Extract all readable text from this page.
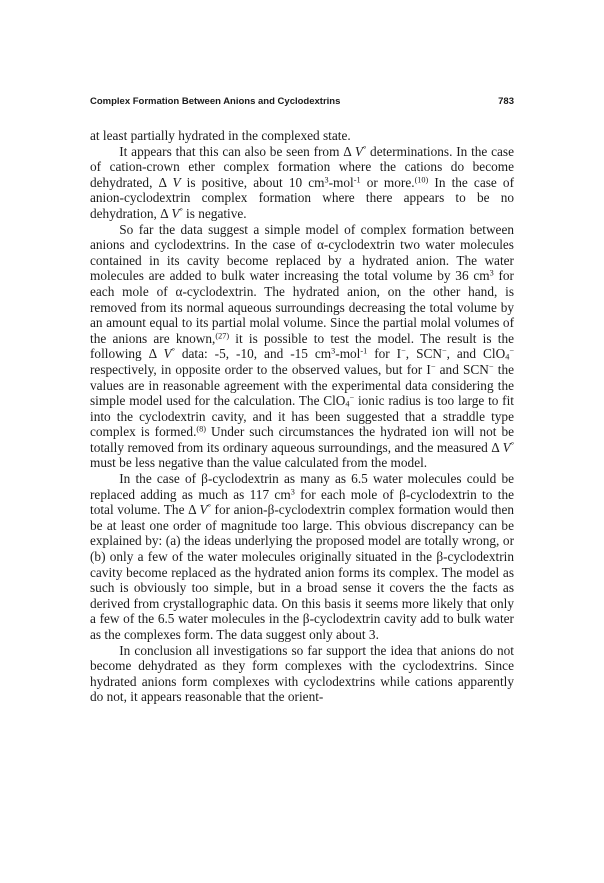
Complex Formation Between Anions and Cyclodextrins	783

at least partially hydrated in the complexed state.

It appears that this can also be seen from Δ V° determinations. In the case of cation-crown ether complex formation where the cations do become dehydrated, Δ V is positive, about 10 $cm^3-mol^{-1}$ or more.$^{(10)}$ In the case of anion-cyclodextrin complex formation where there appears to be no dehydration, Δ V° is negative.

So far the data suggest a simple model of complex formation between anions and cyclodextrins. In the case of α-cyclodextrin two water molecules contained in its cavity become replaced by a hydrated anion. The water molecules are added to bulk water increasing the total volume by 36 $cm^3$ for each mole of α-cyclodextrin. The hydrated anion, on the other hand, is removed from its normal aqueous surroundings decreasing the total volume by an amount equal to its partial molal volume. Since the partial molal volumes of the anions are known,$^{(27)}$ it is possible to test the model. The result is the following Δ V° data: -5, -10, and -15 $cm^3-mol^{-1}$ for I−, SCN−, and ClO$_4$− respectively, in opposite order to the observed values, but for I− and SCN− the values are in reasonable agreement with the experimental data considering the simple model used for the calculation. The ClO$_4$− ionic radius is too large to fit into the cyclodextrin cavity, and it has been suggested that a straddle type complex is formed.$^{(8)}$ Under such circumstances the hydrated ion will not be totally removed from its ordinary aqueous surroundings, and the measured Δ V° must be less negative than the value calculated from the model.

In the case of β-cyclodextrin as many as 6.5 water molecules could be replaced adding as much as 117 $cm^3$ for each mole of β-cyclodextrin to the total volume. The Δ V° for anion-β-cyclodextrin complex formation would then be at least one order of magnitude too large. This obvious discrepancy can be explained by: (a) the ideas underlying the proposed model are totally wrong, or (b) only a few of the water molecules originally situated in the β-cyclodextrin cavity become replaced as the hydrated anion forms its complex. The model as such is obviously too simple, but in a broad sense it covers the the facts as derived from crystallographic data. On this basis it seems more likely that only a few of the 6.5 water molecules in the β-cyclodextrin cavity add to bulk water as the complexes form. The data suggest only about 3.

In conclusion all investigations so far support the idea that anions do not become dehydrated as they form complexes with the cyclodextrins. Since hydrated anions form complexes with cyclodextrins while cations apparently do not, it appears reasonable that the orient-
